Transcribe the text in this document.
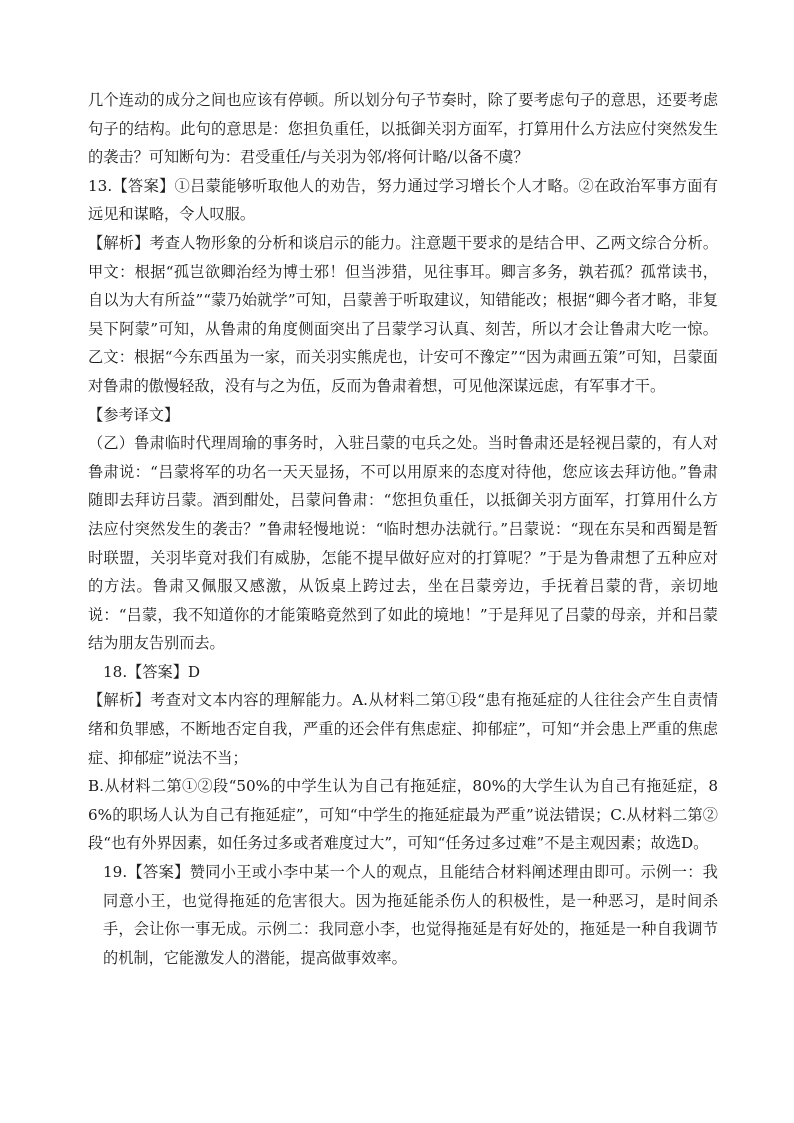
几个连动的成分之间也应该有停顿。所以划分句子节奏时，除了要考虑句子的意思，还要考虑句子的结构。此句的意思是：您担负重任，以抵御关羽方面军，打算用什么方法应付突然发生的袭击？可知断句为：君受重任/与关羽为邻/将何计略/以备不虞？

13.【答案】①吕蒙能够听取他人的劝告，努力通过学习增长个人才略。②在政治军事方面有远见和谋略，令人叹服。

【解析】考查人物形象的分析和谈启示的能力。注意题干要求的是结合甲、乙两文综合分析。甲文：根据“孤岂欲卿治经为博士邪！但当涉猎，见往事耳。卿言多务，孰若孤？孤常读书，自以为大有所益”“蒙乃始就学”可知，吕蒙善于听取建议，知错能改；根据“卿今者才略，非复吴下阿蒙”可知，从鲁肃的角度侧面突出了吕蒙学习认真、刻苦，所以才会让鲁肃大吃一惊。乙文：根据“今东西虽为一家，而关羽实熊虎也，计安可不豫定”“因为肃画五策”可知，吕蒙面对鲁肃的傲慢轻敌，没有与之为伍，反而为鲁肃着想，可见他深谋远虑，有军事才干。

【参考译文】

（乙）鲁肃临时代理周瑜的事务时，入驻吕蒙的屯兵之处。当时鲁肃还是轻视吕蒙的，有人对鲁肃说：“吕蒙将军的功名一天天显扬，不可以用原来的态度对待他，您应该去拜访他。”鲁肃随即去拜访吕蒙。酒到酣处，吕蒙问鲁肃：“您担负重任，以抵御关羽方面军，打算用什么方法应付突然发生的袭击？”鲁肃轻慢地说：“临时想办法就行。”吕蒙说：“现在东吴和西蜀是暂时联盟，关羽毕竟对我们有威胁，怎能不提早做好应对的打算呢？”于是为鲁肃想了五种应对的方法。鲁肃又佩服又感激，从饭桌上跨过去，坐在吕蒙旁边，手抚着吕蒙的背，亲切地说：“吕蒙，我不知道你的才能策略竟然到了如此的境地！”于是拜见了吕蒙的母亲，并和吕蒙结为朋友告别而去。

18.【答案】D

【解析】考查对文本内容的理解能力。A.从材料二第①段“患有拖延症的人往往会产生自责情绪和负罪感，不断地否定自我，严重的还会伴有焦虑症、抑郁症”，可知“并会患上严重的焦虑症、抑郁症”说法不当；

B.从材料二第①②段“50%的中学生认为自己有拖延症，80%的大学生认为自己有拖延症，86%的职场人认为自己有拖延症”，可知“中学生的拖延症最为严重”说法错误；C.从材料二第②段“也有外界因素，如任务过多或者难度过大”，可知“任务过多过难”不是主观因素；故选D。

19.【答案】赞同小王或小李中某一个人的观点，且能结合材料阐述理由即可。示例一：我同意小王，也觉得拖延的危害很大。因为拖延能杀伤人的积极性，是一种恶习，是时间杀手，会让你一事无成。示例二：我同意小李，也觉得拖延是有好处的，拖延是一种自我调节的机制，它能激发人的潜能，提高做事效率。
